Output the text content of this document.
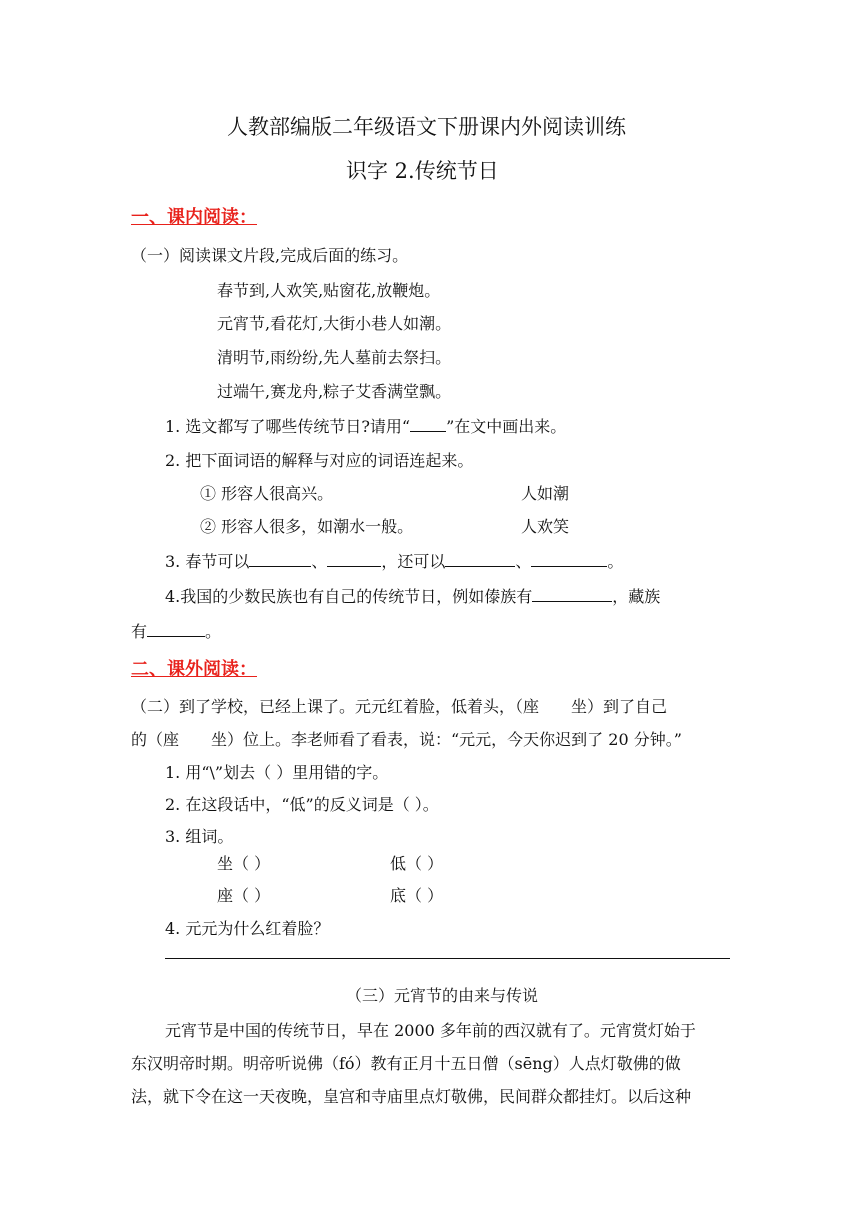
人教部编版二年级语文下册课内外阅读训练
识字 2.传统节日
一、课内阅读：
（一）阅读课文片段,完成后面的练习。
春节到,人欢笑,贴窗花,放鞭炮。
元宵节,看花灯,大街小巷人如潮。
清明节,雨纷纷,先人墓前去祭扫。
过端午,赛龙舟,粽子艾香满堂飘。
1. 选文都写了哪些传统节日?请用“ ”在文中画出来。
2. 把下面词语的解释与对应的词语连起来。
① 形容人很高兴。	人如潮
② 形容人很多，如潮水一般。	人欢笑
3. 春节可以	、	，还可以	、	。
4.我国的少数民族也有自己的传统节日，例如傣族有	，藏族
有	。
二、课外阅读：
（二）到了学校，已经上课了。元元红着脸，低着头，（座　　坐）到了自己
的（座　　坐）位上。李老师看了看表，说：“元元，今天你迟到了 20 分钟。”
1. 用“\”划去（ ）里用错的字。
2. 在这段话中，“低”的反义词是（ ）。
3. 组词。
坐（ ）	低（ ）
座（ ）	底（ ）
4. 元元为什么红着脸？
（三）元宵节的由来与传说
元宵节是中国的传统节日，早在 2000 多年前的西汉就有了。元宵赏灯始于
东汉明帝时期。明帝听说佛（fó）教有正月十五日僧（sēng）人点灯敬佛的做
法，就下令在这一天夜晚，皇宫和寺庙里点灯敬佛，民间群众都挂灯。以后这种
